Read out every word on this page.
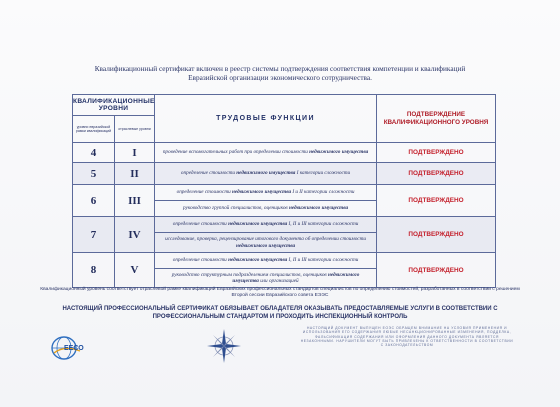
Квалификационный сертификат включен в реестр системы подтверждения соответствия компетенции и квалификаций
Евразийской организации экономического сотрудничества.
КВАЛИФИКАЦИОННЫЕ УРОВНИ		ТРУДОВЫЕ ФУНКЦИИ	ПОДТВЕРЖДЕНИЕ КВАЛИФИКАЦИОННОГО УРОВНЯ
уровни евразийской рамки квалификаций	отраслевые уровни		
4	I	проведение вспомогательных работ при определении стоимости недвижимого имущества	ПОДТВЕРЖДЕНО
5	II	определение стоимости недвижимого имущества I категории сложности	ПОДТВЕРЖДЕНО
6	III	определение стоимости недвижимого имущества I и II категории сложности	ПОДТВЕРЖДЕНО
		руководство группой специалистов, оценщиков недвижимого имущества	
7	IV	определение стоимости недвижимого имущества I, II и III категории сложности	ПОДТВЕРЖДЕНО
		исследование, проверка, рецензирование итогового документа об определении стоимости недвижимого имущества	
8	V	определение стоимости недвижимого имущества I, II и III категории сложности	ПОДТВЕРЖДЕНО
		руководство структурным подразделением специалистов, оценщиков недвижимого имущества или организацией	
Квалификационный уровень соответствует отраслевой рамке квалификаций Евразийских профессиональных стандартов специалистов по определению стоимостей, разработанных в соответствии с решением Второй сессии Евразийского совета ЕЭЭС
НАСТОЯЩИЙ ПРОФЕССИОНАЛЬНЫЙ СЕРТИФИКАТ ОБЯЗЫВАЕТ ОБЛАДАТЕЛЯ ОКАЗЫВАТЬ ПРЕДОСТАВЛЯЕМЫЕ УСЛУГИ В СООТВЕТСТВИИ С ПРОФЕССИОНАЛЬНЫМ СТАНДАРТОМ И ПРОХОДИТЬ ИНСПЕКЦИОННЫЙ КОНТРОЛЬ
ЕЕСО
НАСТОЯЩИЙ ДОКУМЕНТ ВЫПУЩЕН ЕОЭС ОБРАЩЕМ ВНИМАНИЕ НА УСЛОВИЯ ПРИМЕНЕНИЯ И ИСПОЛЬЗОВАНИЯ ЕГО СОДЕРЖАНИЯ ЛЮБЫЕ НЕСАНКЦИОНИРОВАННЫЕ ИЗМЕНЕНИЯ, ПОДДЕЛКА, ФАЛЬСИФИКАЦИЯ СОДЕРЖАНИЯ ИЛИ ОФОРМЛЕНИЯ ДАННОГО ДОКУМЕНТА ЯВЛЯЕТСЯ НЕЗАКОННЫМИ. НАРУШИТЕЛИ МОГУТ БЫТЬ ПРИВЛЕЧЕНЫ К ОТВЕТСТВЕННОСТИ В СООТВЕТСТВИИ С ЗАКОНОДАТЕЛЬСТВОМ
